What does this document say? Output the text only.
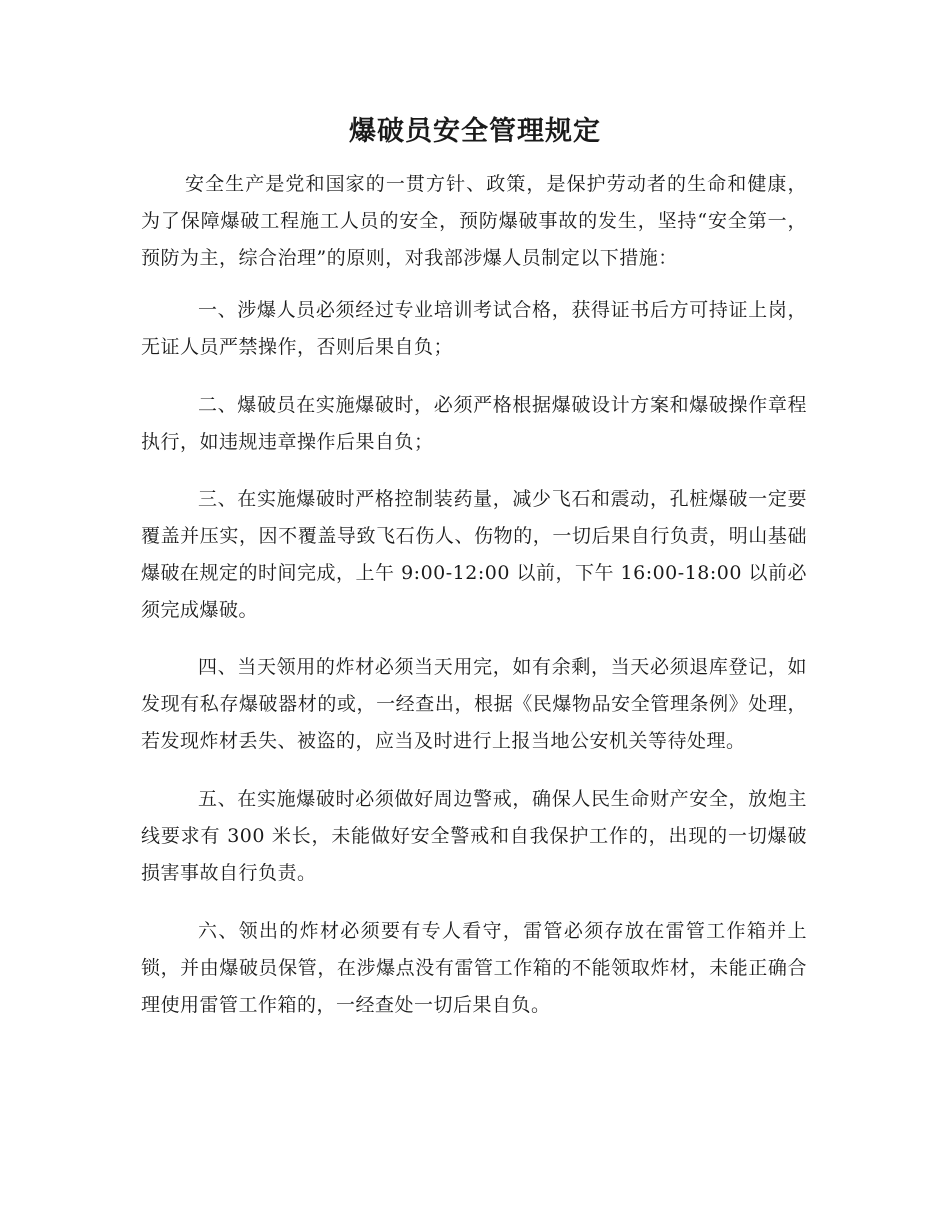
爆破员安全管理规定

安全生产是党和国家的一贯方针、政策，是保护劳动者的生命和健康，为了保障爆破工程施工人员的安全，预防爆破事故的发生，坚持“安全第一，预防为主，综合治理”的原则，对我部涉爆人员制定以下措施：

一、涉爆人员必须经过专业培训考试合格，获得证书后方可持证上岗，无证人员严禁操作，否则后果自负；

二、爆破员在实施爆破时，必须严格根据爆破设计方案和爆破操作章程执行，如违规违章操作后果自负；

三、在实施爆破时严格控制装药量，减少飞石和震动，孔桩爆破一定要覆盖并压实，因不覆盖导致飞石伤人、伤物的，一切后果自行负责，明山基础爆破在规定的时间完成，上午 9:00-12:00 以前，下午 16:00-18:00 以前必须完成爆破。

四、当天领用的炸材必须当天用完，如有余剩，当天必须退库登记，如发现有私存爆破器材的或，一经查出，根据《民爆物品安全管理条例》处理，若发现炸材丢失、被盗的，应当及时进行上报当地公安机关等待处理。

五、在实施爆破时必须做好周边警戒，确保人民生命财产安全，放炮主线要求有 300 米长，未能做好安全警戒和自我保护工作的，出现的一切爆破损害事故自行负责。

六、领出的炸材必须要有专人看守，雷管必须存放在雷管工作箱并上锁，并由爆破员保管，在涉爆点没有雷管工作箱的不能领取炸材，未能正确合理使用雷管工作箱的，一经查处一切后果自负。
